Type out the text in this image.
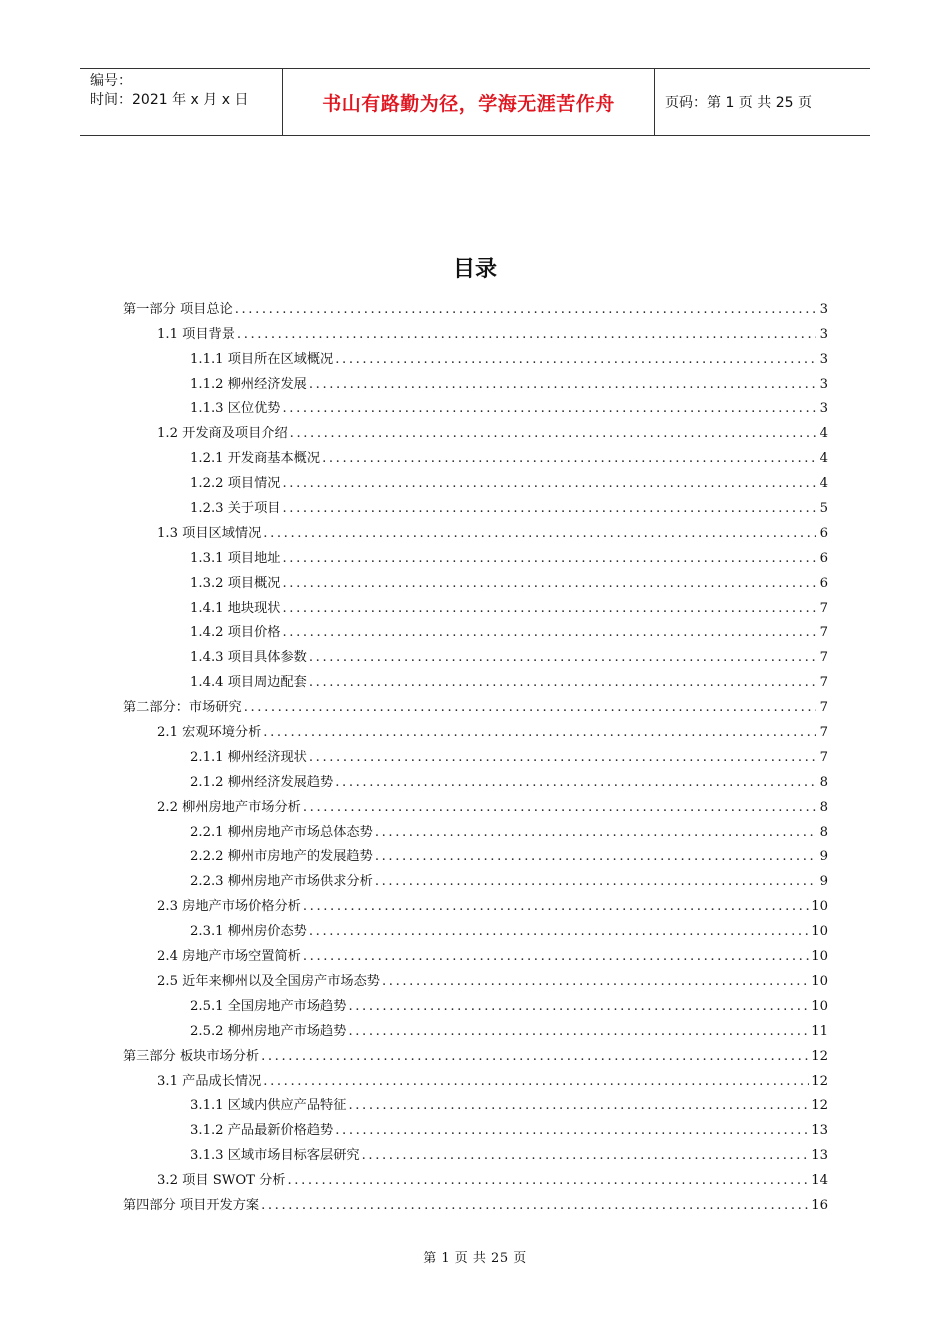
编号：
时间：2021 年 x 月 x 日	书山有路勤为径，学海无涯苦作舟	页码：第 1 页 共 25 页
目录
第一部分 项目总论 .....	3
1.1 项目背景 .....	3
1.1.1 项目所在区域概况 .....	3
1.1.2 柳州经济发展 .....	3
1.1.3 区位优势 .....	3
1.2 开发商及项目介绍 .....	4
1.2.1 开发商基本概况 .....	4
1.2.2 项目情况 .....	4
1.2.3 关于项目 .....	5
1.3 项目区域情况 .....	6
1.3.1 项目地址 .....	6
1.3.2 项目概况 .....	6
1.4.1 地块现状 .....	7
1.4.2 项目价格 .....	7
1.4.3 项目具体参数 .....	7
1.4.4 项目周边配套 .....	7
第二部分：市场研究 .....	7
2.1 宏观环境分析 .....	7
2.1.1 柳州经济现状 .....	7
2.1.2 柳州经济发展趋势 .....	8
2.2 柳州房地产市场分析 .....	8
2.2.1 柳州房地产市场总体态势 .....	8
2.2.2 柳州市房地产的发展趋势 .....	9
2.2.3 柳州房地产市场供求分析 .....	9
2.3 房地产市场价格分析 .....	10
2.3.1 柳州房价态势 .....	10
2.4 房地产市场空置简析 .....	10
2.5 近年来柳州以及全国房产市场态势 .....	10
2.5.1 全国房地产市场趋势 .....	10
2.5.2 柳州房地产市场趋势 .....	11
第三部分 板块市场分析 .....	12
3.1 产品成长情况 .....	12
3.1.1 区域内供应产品特征 .....	12
3.1.2 产品最新价格趋势 .....	13
3.1.3 区域市场目标客层研究 .....	13
3.2 项目 SWOT 分析 .....	14
第四部分 项目开发方案 .....	16
第 1 页 共 25 页
